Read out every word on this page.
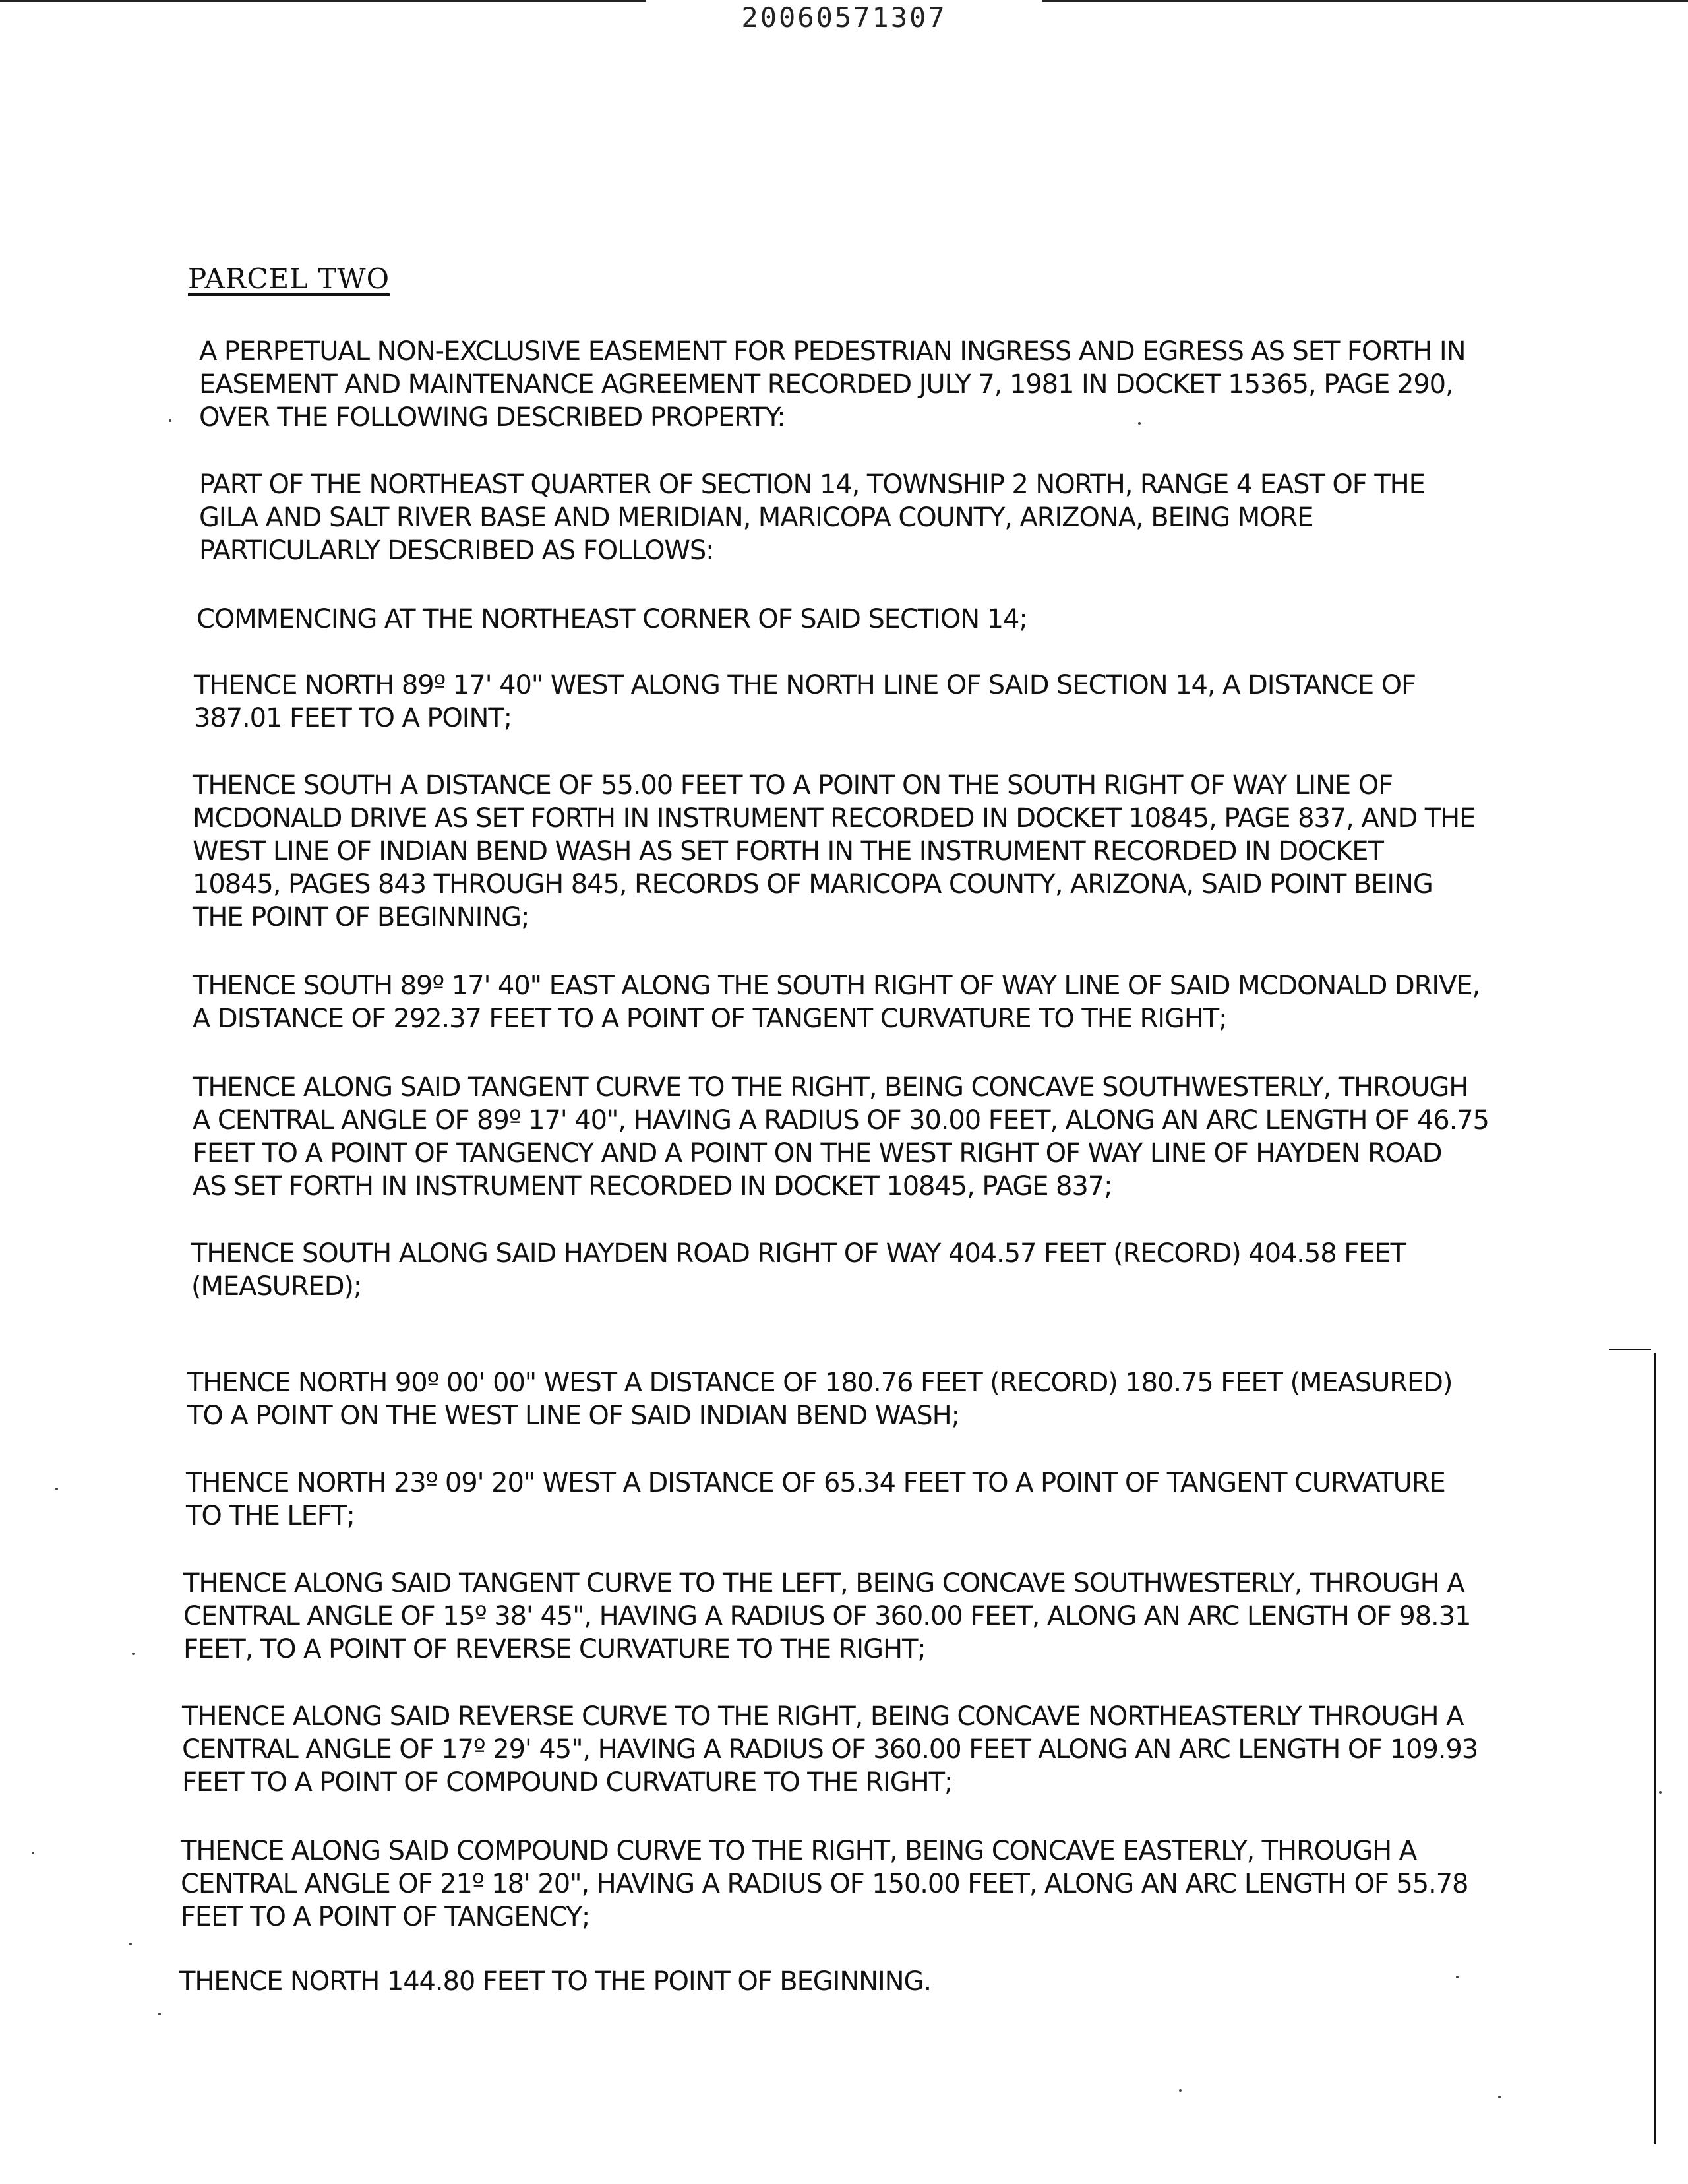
20060571307
PARCEL TWO

A PERPETUAL NON-EXCLUSIVE EASEMENT FOR PEDESTRIAN INGRESS AND EGRESS AS SET FORTH IN
EASEMENT AND MAINTENANCE AGREEMENT RECORDED JULY 7, 1981 IN DOCKET 15365, PAGE 290,
OVER THE FOLLOWING DESCRIBED PROPERTY:

PART OF THE NORTHEAST QUARTER OF SECTION 14, TOWNSHIP 2 NORTH, RANGE 4 EAST OF THE
GILA AND SALT RIVER BASE AND MERIDIAN, MARICOPA COUNTY, ARIZONA, BEING MORE
PARTICULARLY DESCRIBED AS FOLLOWS:

COMMENCING AT THE NORTHEAST CORNER OF SAID SECTION 14;

THENCE NORTH 89º 17' 40" WEST ALONG THE NORTH LINE OF SAID SECTION 14, A DISTANCE OF
387.01 FEET TO A POINT;

THENCE SOUTH A DISTANCE OF 55.00 FEET TO A POINT ON THE SOUTH RIGHT OF WAY LINE OF
MCDONALD DRIVE AS SET FORTH IN INSTRUMENT RECORDED IN DOCKET 10845, PAGE 837, AND THE
WEST LINE OF INDIAN BEND WASH AS SET FORTH IN THE INSTRUMENT RECORDED IN DOCKET
10845, PAGES 843 THROUGH 845, RECORDS OF MARICOPA COUNTY, ARIZONA, SAID POINT BEING
THE POINT OF BEGINNING;

THENCE SOUTH 89º 17' 40" EAST ALONG THE SOUTH RIGHT OF WAY LINE OF SAID MCDONALD DRIVE,
A DISTANCE OF 292.37 FEET TO A POINT OF TANGENT CURVATURE TO THE RIGHT;

THENCE ALONG SAID TANGENT CURVE TO THE RIGHT, BEING CONCAVE SOUTHWESTERLY, THROUGH
A CENTRAL ANGLE OF 89º 17' 40", HAVING A RADIUS OF 30.00 FEET, ALONG AN ARC LENGTH OF 46.75
FEET TO A POINT OF TANGENCY AND A POINT ON THE WEST RIGHT OF WAY LINE OF HAYDEN ROAD
AS SET FORTH IN INSTRUMENT RECORDED IN DOCKET 10845, PAGE 837;

THENCE SOUTH ALONG SAID HAYDEN ROAD RIGHT OF WAY 404.57 FEET (RECORD) 404.58 FEET
(MEASURED);

THENCE NORTH 90º 00' 00" WEST A DISTANCE OF 180.76 FEET (RECORD) 180.75 FEET (MEASURED)
TO A POINT ON THE WEST LINE OF SAID INDIAN BEND WASH;

THENCE NORTH 23º 09' 20" WEST A DISTANCE OF 65.34 FEET TO A POINT OF TANGENT CURVATURE
TO THE LEFT;

THENCE ALONG SAID TANGENT CURVE TO THE LEFT, BEING CONCAVE SOUTHWESTERLY, THROUGH A
CENTRAL ANGLE OF 15º 38' 45", HAVING A RADIUS OF 360.00 FEET, ALONG AN ARC LENGTH OF 98.31
FEET, TO A POINT OF REVERSE CURVATURE TO THE RIGHT;

THENCE ALONG SAID REVERSE CURVE TO THE RIGHT, BEING CONCAVE NORTHEASTERLY THROUGH A
CENTRAL ANGLE OF 17º 29' 45", HAVING A RADIUS OF 360.00 FEET ALONG AN ARC LENGTH OF 109.93
FEET TO A POINT OF COMPOUND CURVATURE TO THE RIGHT;

THENCE ALONG SAID COMPOUND CURVE TO THE RIGHT, BEING CONCAVE EASTERLY, THROUGH A
CENTRAL ANGLE OF 21º 18' 20", HAVING A RADIUS OF 150.00 FEET, ALONG AN ARC LENGTH OF 55.78
FEET TO A POINT OF TANGENCY;

THENCE NORTH 144.80 FEET TO THE POINT OF BEGINNING.
